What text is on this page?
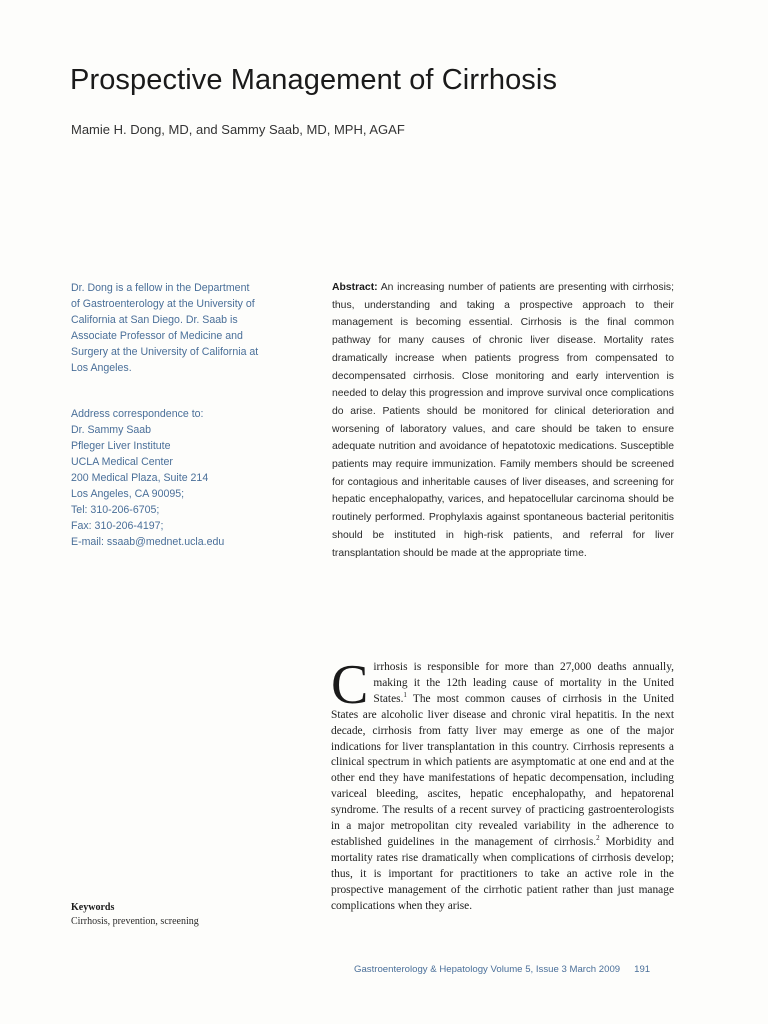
Prospective Management of Cirrhosis
Mamie H. Dong, MD, and Sammy Saab, MD, MPH, AGAF

Dr. Dong is a fellow in the Department

of Gastroenterology at the University of

California at San Diego. Dr. Saab is

Associate Professor of Medicine and

Surgery at the University of California at

Los Angeles.

Address correspondence to:

Dr. Sammy Saab

Pfleger Liver Institute

UCLA Medical Center

200 Medical Plaza, Suite 214

Los Angeles, CA 90095;

Tel: 310-206-6705;

Fax: 310-206-4197;

E-mail: ssaab@mednet.ucla.edu

Abstract: An increasing number of patients are presenting with cirrhosis; thus, understanding and taking a prospective approach to their management is becoming essential. Cirrhosis is the final common pathway for many causes of chronic liver disease. Mortality rates dramatically increase when patients progress from compensated to decompensated cirrhosis. Close monitoring and early intervention is needed to delay this progression and improve survival once complications do arise. Patients should be monitored for clinical deterioration and worsening of laboratory values, and care should be taken to ensure adequate nutrition and avoidance of hepatotoxic medications. Susceptible patients may require immunization. Family members should be screened for contagious and inheritable causes of liver diseases, and screening for hepatic encephalopathy, varices, and hepatocellular carcinoma should be routinely performed. Prophylaxis against spontaneous bacterial peritonitis should be instituted in high-risk patients, and referral for liver transplantation should be made at the appropriate time.
Cirrhosis is responsible for more than 27,000 deaths annually, making it the 12th leading cause of mortality in the United States.$^1$ The most common causes of cirrhosis in the United States are alcoholic liver disease and chronic viral hepatitis. In the next decade, cirrhosis from fatty liver may emerge as one of the major indications for liver transplantation in this country. Cirrhosis represents a clinical spectrum in which patients are asymptomatic at one end and at the other end they have manifestations of hepatic decompensation, including variceal bleeding, ascites, hepatic encephalopathy, and hepatorenal syndrome. The results of a recent survey of practicing gastroenterologists in a major metropolitan city revealed variability in the adherence to established guidelines in the management of cirrhosis.$^2$ Morbidity and mortality rates rise dramatically when complications of cirrhosis develop; thus, it is important for practitioners to take an active role in the prospective management of the cirrhotic patient rather than just manage complications when they arise.
Keywords
Cirrhosis, prevention, screening
Gastroenterology & Hepatology Volume 5, Issue 3 March 2009 191
